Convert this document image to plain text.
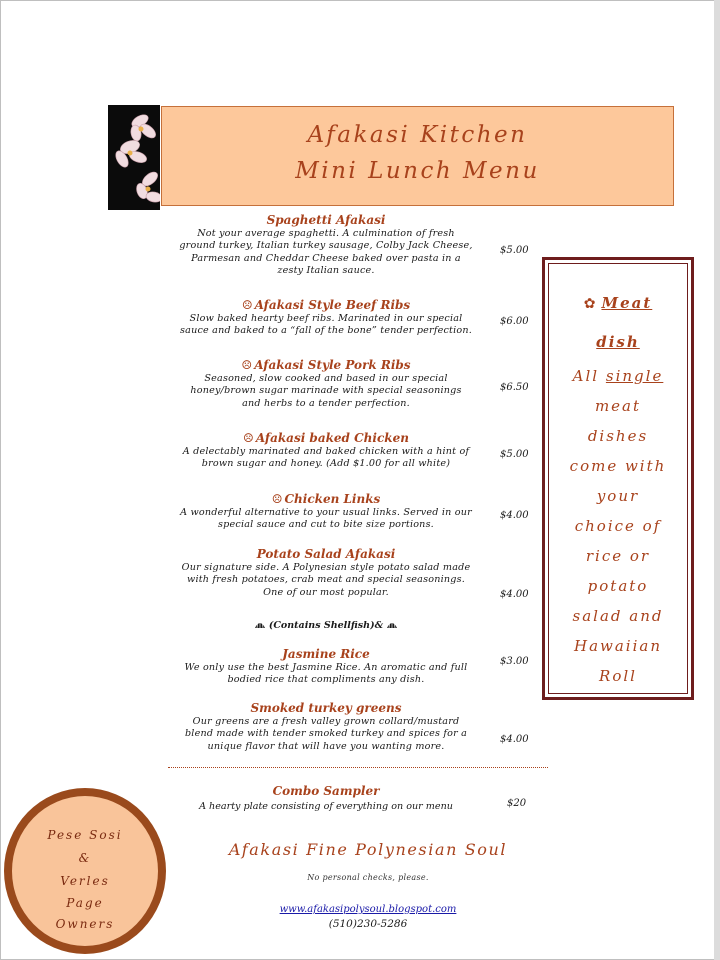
Afakasi Kitchen
Mini Lunch Menu
Spaghetti Afakasi
Not your average spaghetti. A culmination of fresh
ground turkey, Italian turkey sausage, Colby Jack Cheese,
Parmesan and Cheddar Cheese baked over pasta in a
zesty Italian sauce.
$5.00
☹ Afakasi Style Beef Ribs
Slow baked hearty beef ribs. Marinated in our special
sauce and baked to a “fall of the bone” tender perfection.
$6.00
☹ Afakasi Style Pork Ribs
Seasoned, slow cooked and based in our special
honey/brown sugar marinade with special seasonings
and herbs to a tender perfection.
$6.50
☹ Afakasi baked Chicken
A delectably marinated and baked chicken with a hint of
brown sugar and honey. (Add $1.00 for all white)
$5.00
☹ Chicken Links
A wonderful alternative to your usual links. Served in our
special sauce and cut to bite size portions.
$4.00
Potato Salad Afakasi
Our signature side. A Polynesian style potato salad made
with fresh potatoes, crab meat and special seasonings.
One of our most popular.	$4.00
(Contains Shellfish)&
Jasmine Rice
We only use the best Jasmine Rice. An aromatic and full
bodied rice that compliments any dish.
$3.00
Smoked turkey greens
Our greens are a fresh valley grown collard/mustard
blend made with tender smoked turkey and spices for a
unique flavor that will have you wanting more.
$4.00
Combo Sampler
A hearty plate consisting of everything on our menu	$20
Afakasi Fine Polynesian Soul
No personal checks, please.
www.afakasipolysoul.blogspot.com
(510)230-5286
✿ Meat
dish
All single
meat
dishes
come with
your
choice of
rice or
potato
salad and
Hawaiian
Roll
Pese Sosi
&
Verles
Page
Owners
